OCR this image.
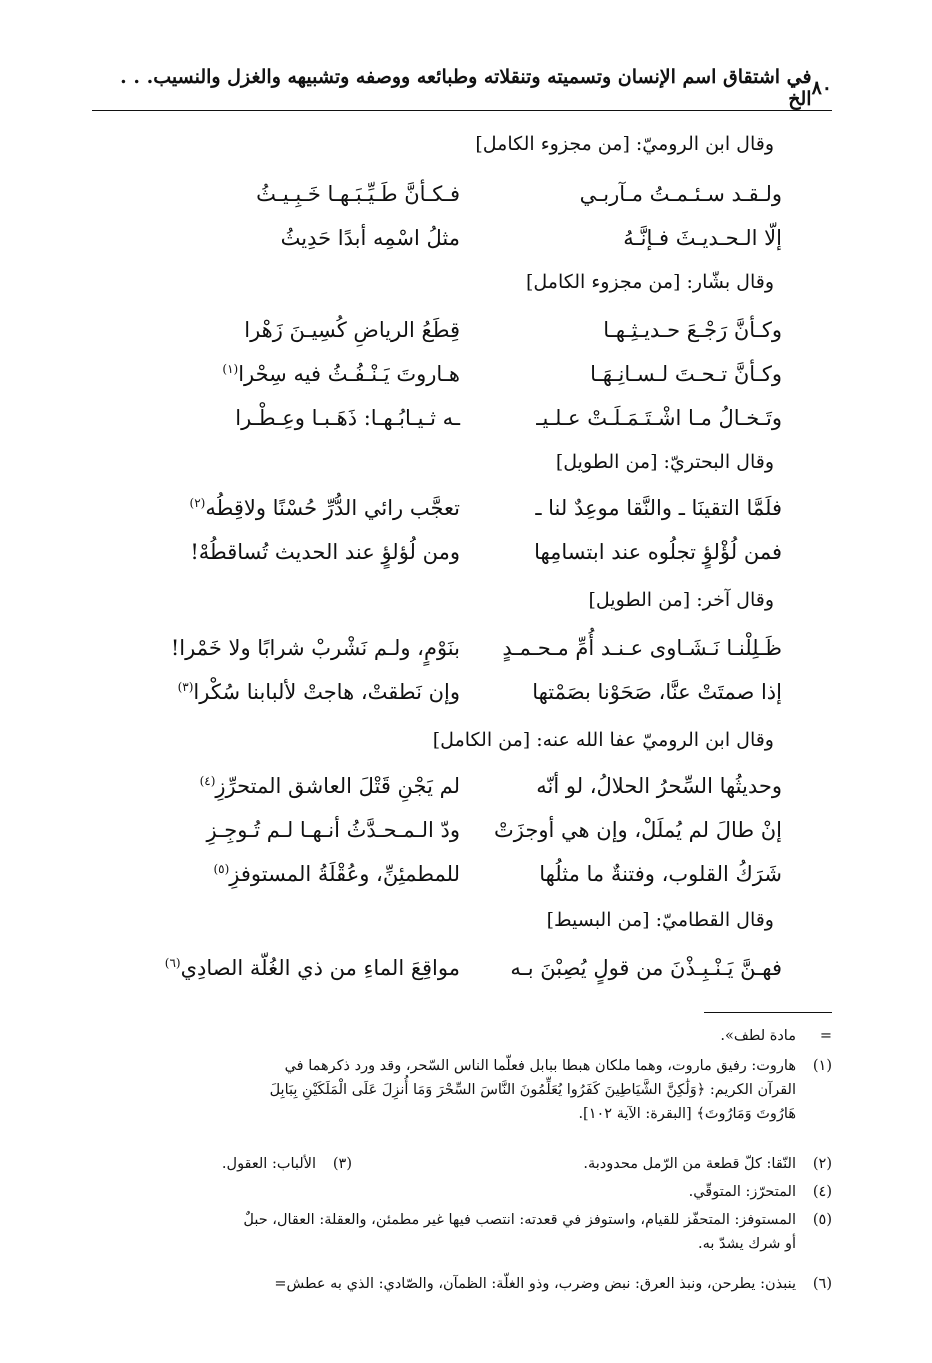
٨٠
في اشتقاق اسم الإنسان وتسميته وتنقلاته وطبائعه ووصفه وتشبيهه والغزل والنسيب. . . الخ
وقال ابن الروميّ: [من مجزوء الكامل]
ولـقـد سـئـمـتُ مـآربـي
فـكـأنَّ طَـيِّـبَـهـا خَـبِـيـثُ
إلّا الـحـديـثَ فـإنَّـهُ
مثلُ اسْمِه أبدًا حَدِيثُ
وقال بشّار: [من مجزوء الكامل]
وكـأنَّ رَجْـعَ حـديـثِـهـا
قِطَعُ الرياضِ كُسِيـنَ زَهْرا
وكـأنَّ تـحـتَ لـسـانِـهَـا
هـاروتَ يَـنْـفُـثُ فيه سِحْرا$^{(١)}$
وتَـخـالُ مـا اشْـتَـمَـلَـتْ عـلـيـ
ـه ثـيـابُـهـا: ذَهَـبـا وعِـطْـرا
وقال البحتريّ: [من الطويل]
فلَمَّا التقينَا ـ والنَّقا موعِدٌ لنا ـ
تعجَّب رائي الدُّرِّ حُسْنًا ولاقِطُه$^{(٢)}$
فمن لُؤْلؤٍ تجلُوه عند ابتسامِها
ومن لُؤلؤٍ عند الحديث تُساقطُهْ!
وقال آخر: [من الطويل]
ظَـلِلْنـا نَـشَـاوى عـنـد أُمِّ مـحـمـدٍ
بنَوْمٍ، ولـم نَشْربْ شرابًا ولا خَمْرا!
إذا صمتَتْ عنَّا، صَحَوْنا بصَمْتها
وإن نَطقتْ، هاجتْ لألبابنا سُكْرا$^{(٣)}$
وقال ابن الروميّ عفا الله عنه: [من الكامل]
وحديثُها السِّحرُ الحلالُ، لو أنّه
لم يَجْنِ قَتْلَ العاشق المتحرِّزِ$^{(٤)}$
إنْ طالَ لم يُملَلْ، وإن هي أوجزَتْ
ودّ الـمـحـدَّثُ أنـهـا لـم تُـوجِـزِ
شَرَكُ القلوب، وفتنةٌ ما مثلُها
للمطمئِنِّ، وعُقْلَةُ المستوفزِ$^{(٥)}$
وقال القطاميّ: [من البسيط]
فهـنَّ يَـنْـبِـذْنَ من قولٍ يُصِبْنَ بـه
مواقِعَ الماءِ من ذي الغُلّة الصادِي$^{(٦)}$
=مادة لطف».
(١)هاروت: رفيق ماروت، وهما ملكان هبطا ببابل فعلّما الناس السّحر، وقد ورد ذكرهما في
القرآن الكريم: ﴿وَلَٰكِنَّ الشَّيَاطِينَ كَفَرُوا يُعَلِّمُونَ النَّاسَ السِّحْرَ وَمَا أُنزِلَ عَلَى الْمَلَكَيْنِ بِبَابِلَ
هَارُوتَ وَمَارُوتَ﴾ [البقرة: الآية ١٠٢].
(٢)النّقا: كلّ قطعة من الرّمل محدودبة.
(٣)الألباب: العقول.
(٤)المتحرّز: المتوقّي.
(٥)المستوفز: المتحفّز للقيام، واستوفز في قعدته: انتصب فيها غير مطمئن، والعقلة: العقال، حبلٌ
أو شرك يشدّ به.
(٦)ينبذن: يطرحن، ونبذ العرق: نبض وضرب، وذو الغلّة: الظمآن، والصّادي: الذي به عطش=
